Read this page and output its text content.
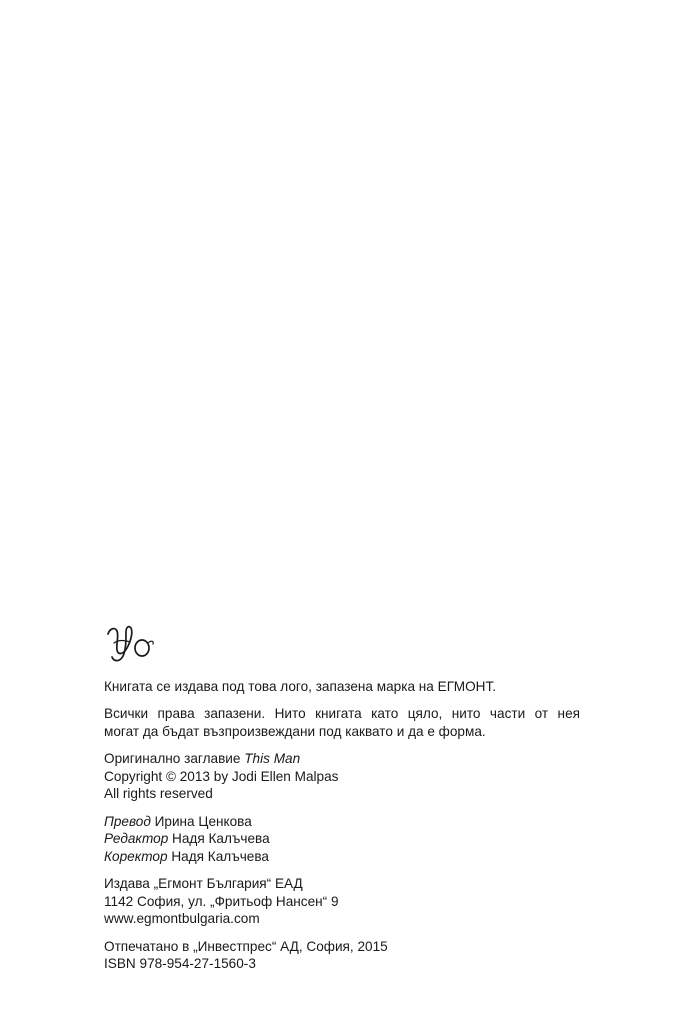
Книгата се издава под това лого, запазена марка на ЕГМОНТ.
Всички права запазени. Нито книгата като цяло, нито части от нея
могат да бъдат възпроизвеждани под каквато и да е форма.
Оригинално заглавие This Man
Copyright © 2013 by Jodi Ellen Malpas
All rights reserved
Превод Ирина Ценкова
Редактор Надя Калъчева
Коректор Надя Калъчева
Издава „Егмонт България“ ЕАД
1142 София, ул. „Фритьоф Нансен“ 9
www.egmontbulgaria.com
Отпечатано в „Инвестпрес“ АД, София, 2015
ISBN 978-954-27-1560-3
